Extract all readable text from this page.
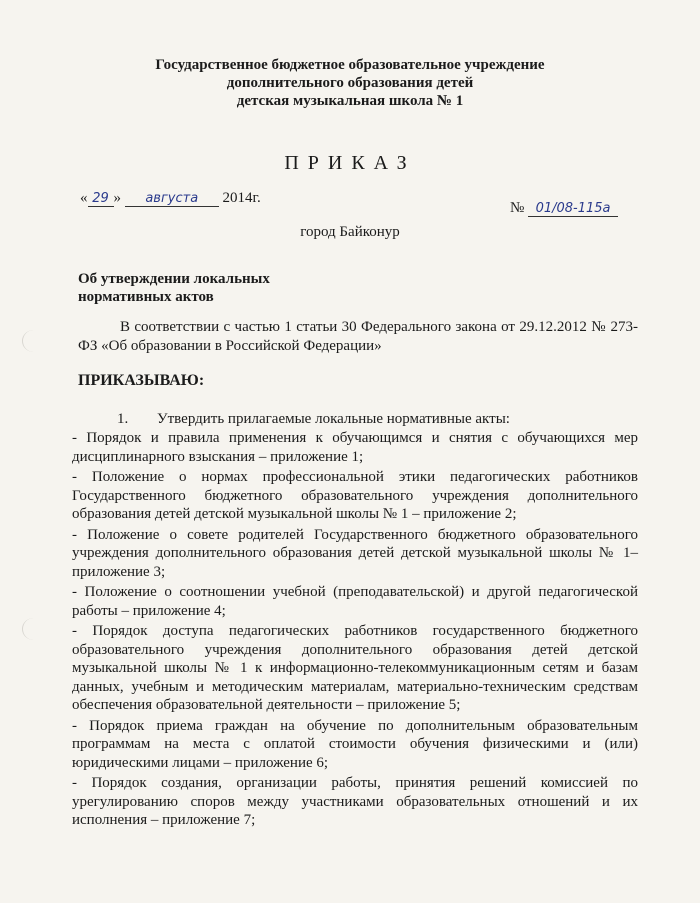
Государственное бюджетное образовательное учреждение
дополнительного образования детей
детская музыкальная школа № 1
ПРИКАЗ
« 29 » августа 2014г.
№ 01/08-115а
город Байконур
Об утверждении локальных
нормативных актов
В соответствии с частью 1 статьи 30 Федерального закона от 29.12.2012 № 273-ФЗ «Об образовании в Российской Федерации»
ПРИКАЗЫВАЮ:
1. Утвердить прилагаемые локальные нормативные акты:

- Порядок и правила применения к обучающимся и снятия с обучающихся мер дисциплинарного взыскания – приложение 1;

- Положение о нормах профессиональной этики педагогических работников Государственного бюджетного образовательного учреждения дополнительного образования детей детской музыкальной школы № 1 – приложение 2;

- Положение о совете родителей Государственного бюджетного образовательного учреждения дополнительного образования детей детской музыкальной школы № 1– приложение 3;

- Положение о соотношении учебной (преподавательской) и другой педагогической работы – приложение 4;

- Порядок доступа педагогических работников государственного бюджетного образовательного учреждения дополнительного образования детей детской музыкальной школы № 1 к информационно-телекоммуникационным сетям и базам данных, учебным и методическим материалам, материально-техническим средствам обеспечения образовательной деятельности – приложение 5;

- Порядок приема граждан на обучение по дополнительным образовательным программам на места с оплатой стоимости обучения физическими и (или) юридическими лицами – приложение 6;

- Порядок создания, организации работы, принятия решений комиссией по урегулированию споров между участниками образовательных отношений и их исполнения – приложение 7;
